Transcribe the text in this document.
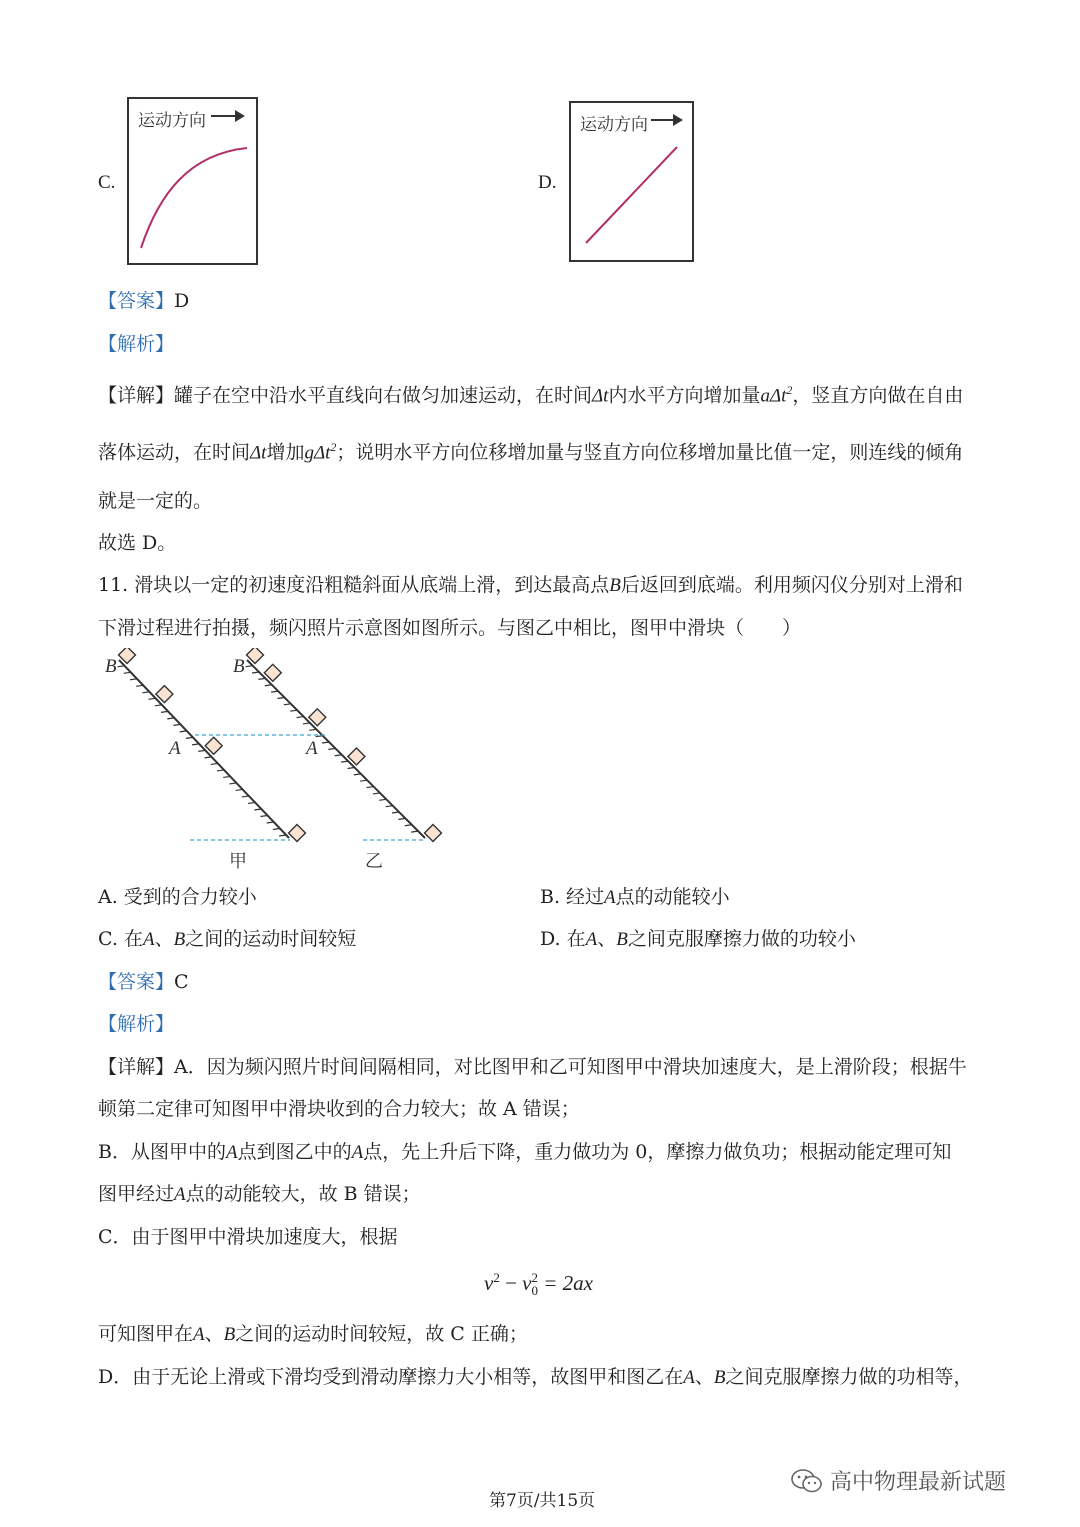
C.
运动方向
D.
运动方向
【答案】D
【解析】
【详解】罐子在空中沿水平直线向右做匀加速运动，在时间Δt内水平方向增加量aΔt$^2$，竖直方向做在自由
落体运动，在时间Δt增加gΔt$^2$；说明水平方向位移增加量与竖直方向位移增加量比值一定，则连线的倾角
就是一定的。
故选 D。
11. 滑块以一定的初速度沿粗糙斜面从底端上滑，到达最高点B后返回到底端。利用频闪仪分别对上滑和
下滑过程进行拍摄，频闪照片示意图如图所示。与图乙中相比，图甲中滑块（　　）
B	B
A	A
甲	乙
A. 受到的合力较小	B. 经过A点的动能较小
C. 在A、B之间的运动时间较短	D. 在A、B之间克服摩擦力做的功较小
【答案】C
【解析】
【详解】A．因为频闪照片时间间隔相同，对比图甲和乙可知图甲中滑块加速度大，是上滑阶段；根据牛
顿第二定律可知图甲中滑块收到的合力较大；故 A 错误；
B．从图甲中的A点到图乙中的A点，先上升后下降，重力做功为 0，摩擦力做负功；根据动能定理可知
图甲经过A点的动能较大，故 B 错误；
C．由于图甲中滑块加速度大，根据
$v^2 - v^2$
0 = 2ax
可知图甲在A、B之间的运动时间较短，故 C 正确；
D．由于无论上滑或下滑均受到滑动摩擦力大小相等，故图甲和图乙在A、B之间克服摩擦力做的功相等，
第7页/共15页
高中物理最新试题
